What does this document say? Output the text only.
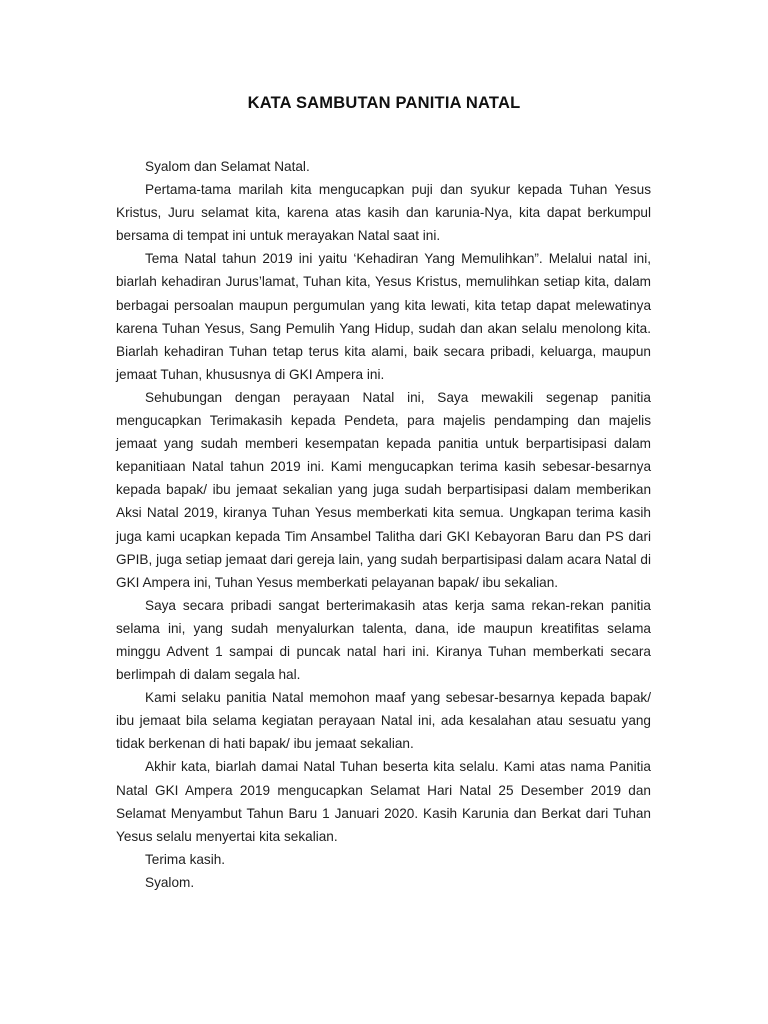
KATA SAMBUTAN PANITIA NATAL

Syalom dan Selamat Natal.

Pertama-tama marilah kita mengucapkan puji dan syukur kepada Tuhan Yesus Kristus, Juru selamat kita, karena atas kasih dan karunia-Nya, kita dapat berkumpul bersama di tempat ini untuk merayakan Natal saat ini.

Tema Natal tahun 2019 ini yaitu ‘Kehadiran Yang Memulihkan”. Melalui natal ini, biarlah kehadiran Jurus’lamat, Tuhan kita, Yesus Kristus, memulihkan setiap kita, dalam berbagai persoalan maupun pergumulan yang kita lewati, kita tetap dapat melewatinya karena Tuhan Yesus, Sang Pemulih Yang Hidup, sudah dan akan selalu menolong kita. Biarlah kehadiran Tuhan tetap terus kita alami, baik secara pribadi, keluarga, maupun jemaat Tuhan, khususnya di GKI Ampera ini.

Sehubungan dengan perayaan Natal ini, Saya mewakili segenap panitia mengucapkan Terimakasih kepada Pendeta, para majelis pendamping dan majelis jemaat yang sudah memberi kesempatan kepada panitia untuk berpartisipasi dalam kepanitiaan Natal tahun 2019 ini. Kami mengucapkan terima kasih sebesar-besarnya kepada bapak/ ibu jemaat sekalian yang juga sudah berpartisipasi dalam memberikan Aksi Natal 2019, kiranya Tuhan Yesus memberkati kita semua. Ungkapan terima kasih juga kami ucapkan kepada Tim Ansambel Talitha dari GKI Kebayoran Baru dan PS dari GPIB, juga setiap jemaat dari gereja lain, yang sudah berpartisipasi dalam acara Natal di GKI Ampera ini, Tuhan Yesus memberkati pelayanan bapak/ ibu sekalian.

Saya secara pribadi sangat berterimakasih atas kerja sama rekan-rekan panitia selama ini, yang sudah menyalurkan talenta, dana, ide maupun kreatifitas selama minggu Advent 1 sampai di puncak natal hari ini. Kiranya Tuhan memberkati secara berlimpah di dalam segala hal.

Kami selaku panitia Natal memohon maaf yang sebesar-besarnya kepada bapak/ ibu jemaat bila selama kegiatan perayaan Natal ini, ada kesalahan atau sesuatu yang tidak berkenan di hati bapak/ ibu jemaat sekalian.

Akhir kata, biarlah damai Natal Tuhan beserta kita selalu. Kami atas nama Panitia Natal GKI Ampera 2019 mengucapkan Selamat Hari Natal 25 Desember 2019 dan Selamat Menyambut Tahun Baru 1 Januari 2020. Kasih Karunia dan Berkat dari Tuhan Yesus selalu menyertai kita sekalian.

Terima kasih.

Syalom.
